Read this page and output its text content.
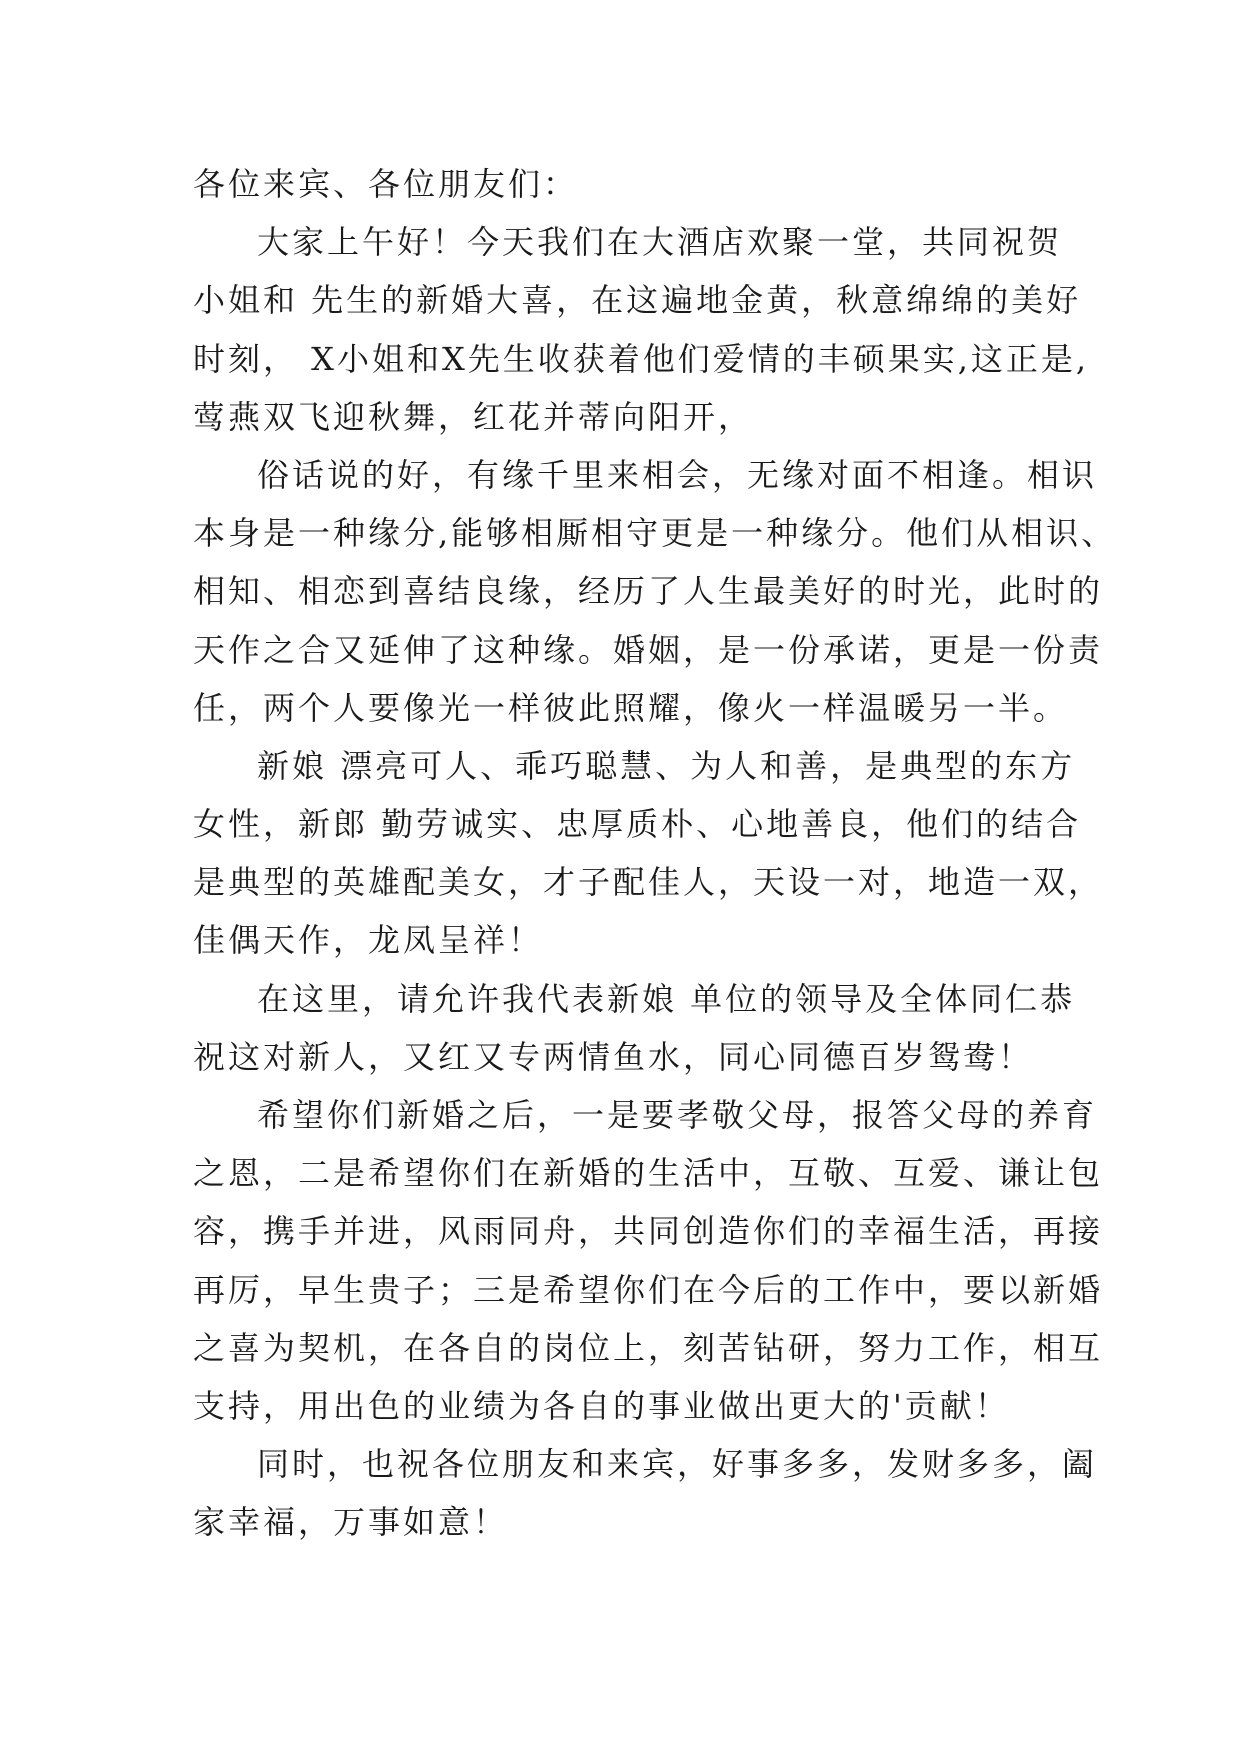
各位来宾、各位朋友们：
大家上午好！今天我们在大酒店欢聚一堂，共同祝贺
小姐和 先生的新婚大喜，在这遍地金黄，秋意绵绵的美好
时刻， X小姐和X先生收获着他们爱情的丰硕果实,这正是,
莺燕双飞迎秋舞，红花并蒂向阳开，
俗话说的好，有缘千里来相会，无缘对面不相逢。相识
本身是一种缘分,能够相厮相守更是一种缘分。他们从相识、
相知、相恋到喜结良缘，经历了人生最美好的时光，此时的
天作之合又延伸了这种缘。婚姻，是一份承诺，更是一份责
任，两个人要像光一样彼此照耀，像火一样温暖另一半。
新娘 漂亮可人、乖巧聪慧、为人和善，是典型的东方
女性，新郎 勤劳诚实、忠厚质朴、心地善良，他们的结合
是典型的英雄配美女，才子配佳人，天设一对，地造一双，
佳偶天作，龙凤呈祥！
在这里，请允许我代表新娘 单位的领导及全体同仁恭
祝这对新人，又红又专两情鱼水，同心同德百岁鸳鸯！
希望你们新婚之后，一是要孝敬父母，报答父母的养育
之恩，二是希望你们在新婚的生活中，互敬、互爱、谦让包
容，携手并进，风雨同舟，共同创造你们的幸福生活，再接
再厉，早生贵子；三是希望你们在今后的工作中，要以新婚
之喜为契机，在各自的岗位上，刻苦钻研，努力工作，相互
支持，用出色的业绩为各自的事业做出更大的'贡献！
同时，也祝各位朋友和来宾，好事多多，发财多多，阖
家幸福，万事如意！
